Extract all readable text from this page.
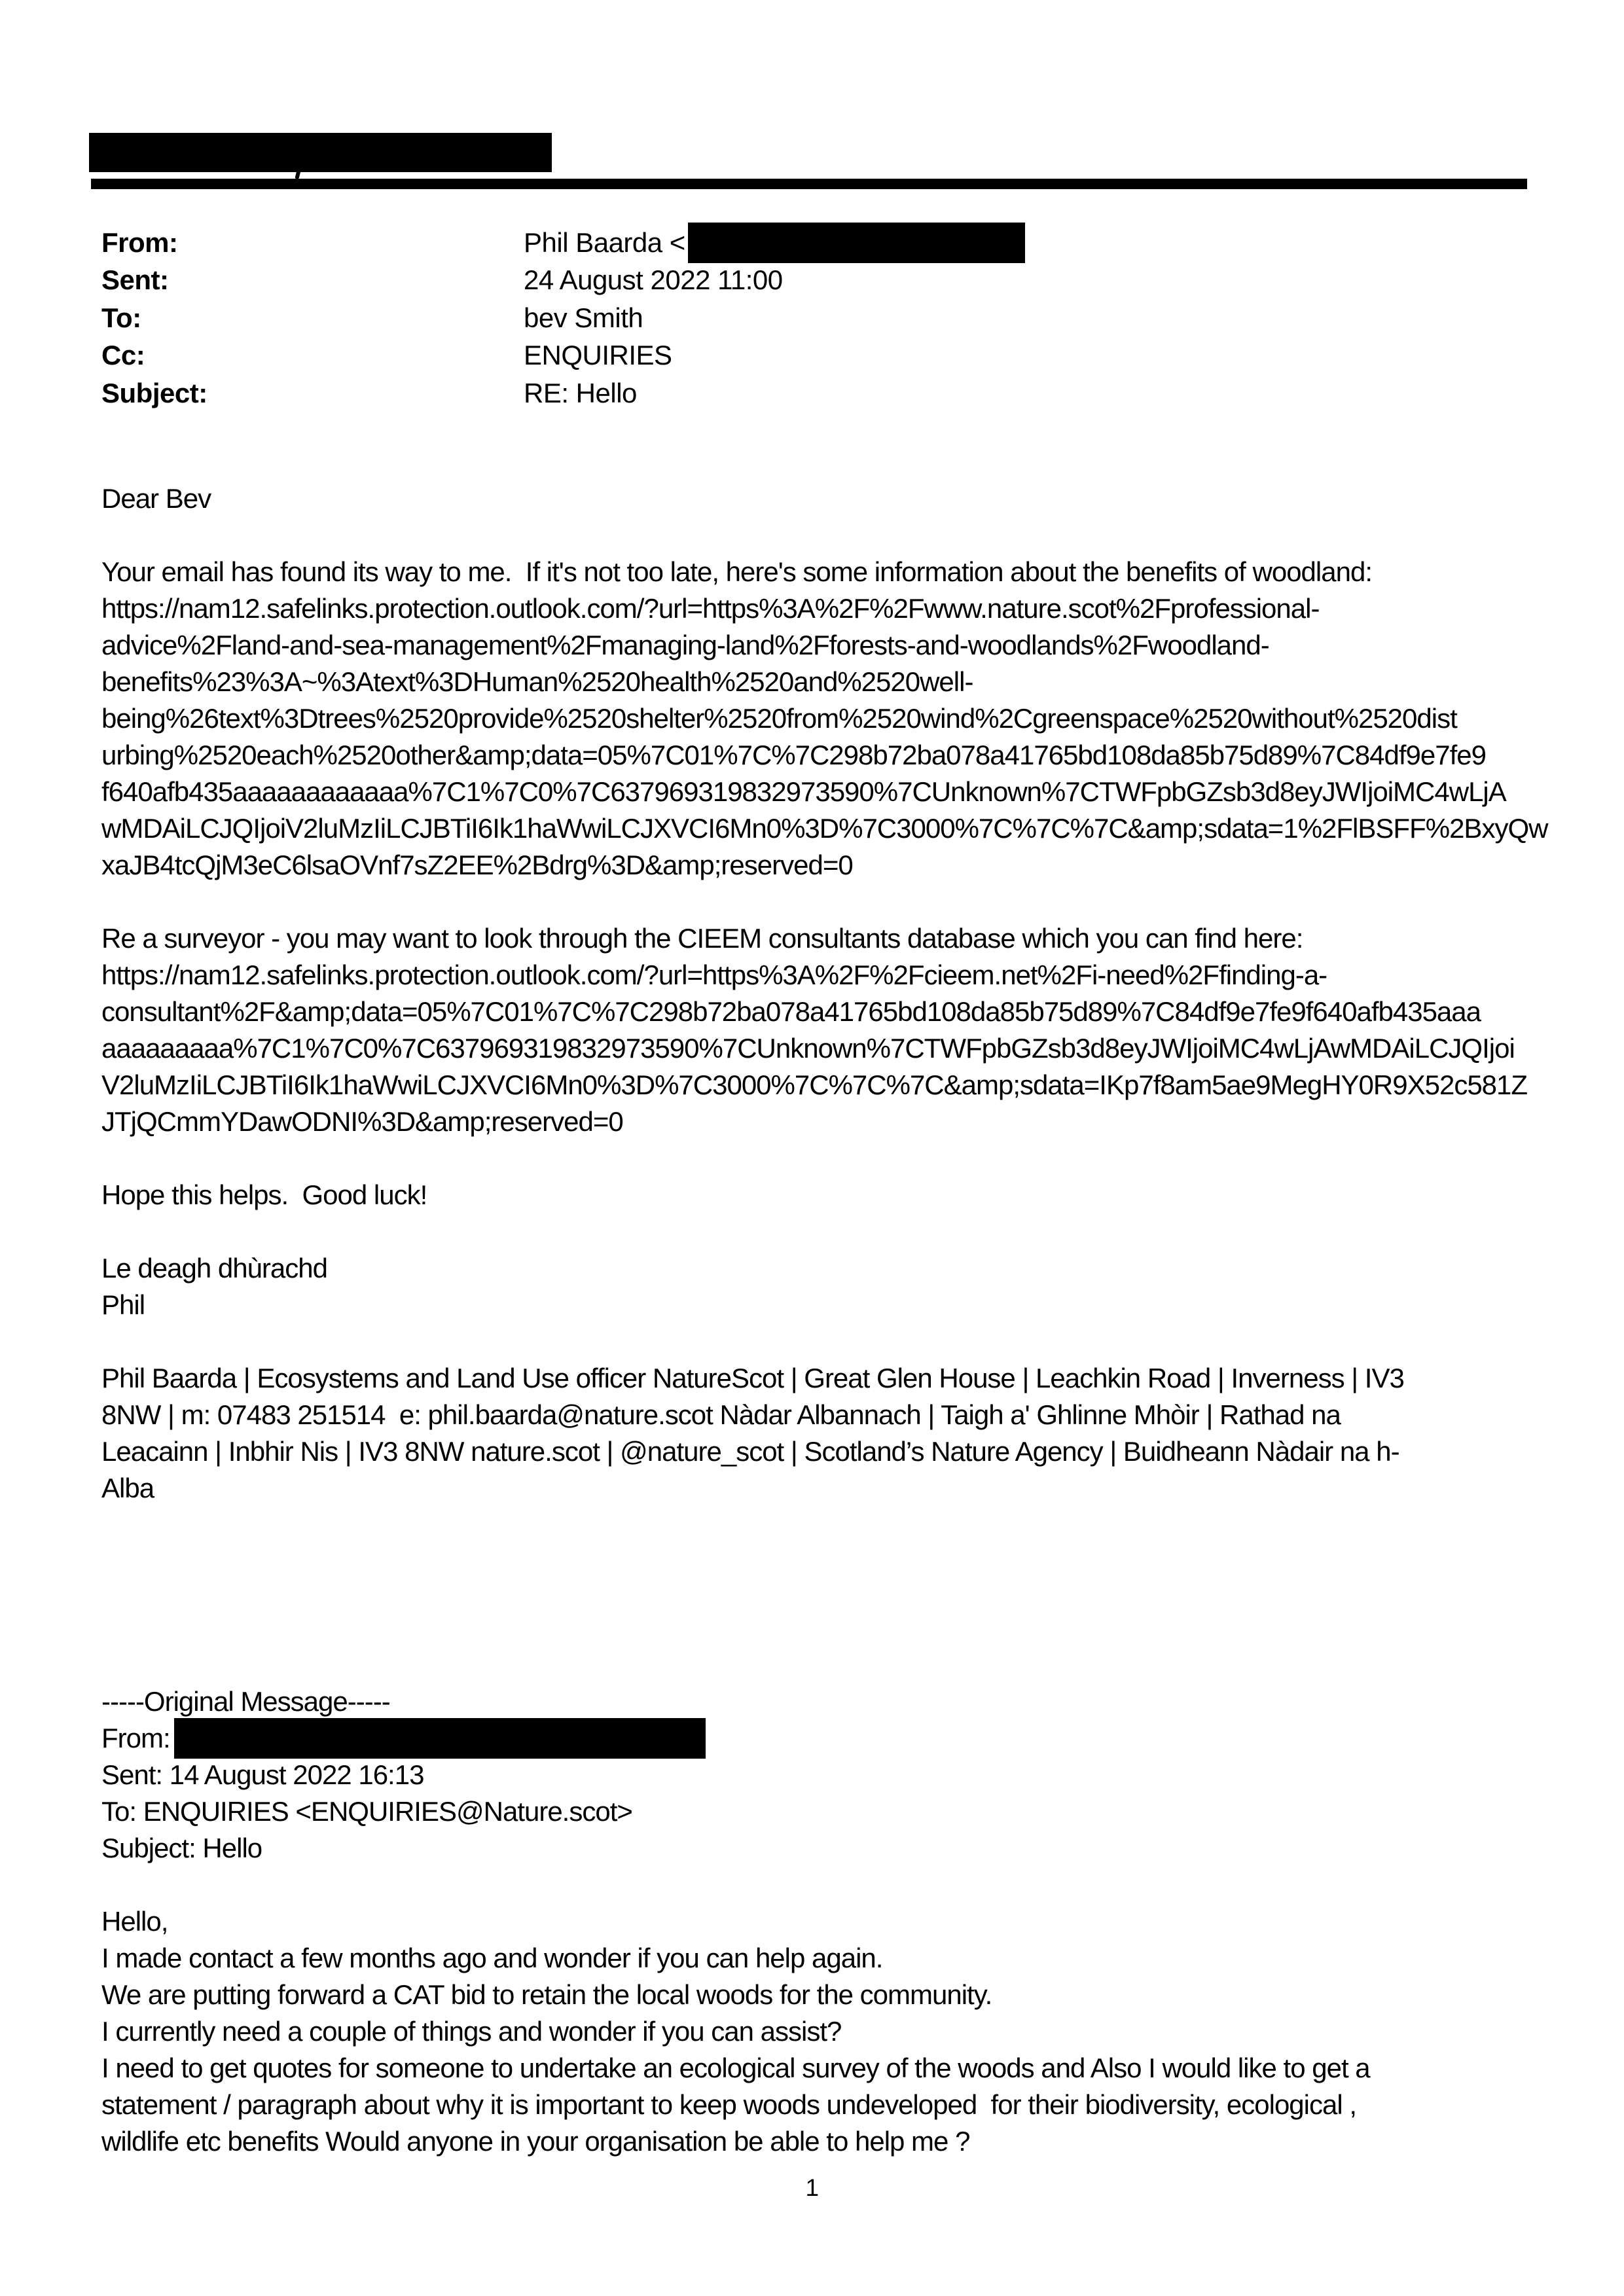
From:	Phil Baarda <
Sent:	24 August 2022 11:00
To:	bev Smith
Cc:	ENQUIRIES
Subject:	RE: Hello
Dear Bev
Your email has found its way to me.  If it's not too late, here's some information about the benefits of woodland:
https://nam12.safelinks.protection.outlook.com/?url=https%3A%2F%2Fwww.nature.scot%2Fprofessional-
advice%2Fland-and-sea-management%2Fmanaging-land%2Fforests-and-woodlands%2Fwoodland-
benefits%23%3A~%3Atext%3DHuman%2520health%2520and%2520well-
being%26text%3Dtrees%2520provide%2520shelter%2520from%2520wind%2Cgreenspace%2520without%2520dist
urbing%2520each%2520other&amp;data=05%7C01%7C%7C298b72ba078a41765bd108da85b75d89%7C84df9e7fe9
f640afb435aaaaaaaaaaaa%7C1%7C0%7C637969319832973590%7CUnknown%7CTWFpbGZsb3d8eyJWIjoiMC4wLjA
wMDAiLCJQIjoiV2luMzIiLCJBTiI6Ik1haWwiLCJXVCI6Mn0%3D%7C3000%7C%7C%7C&amp;sdata=1%2FlBSFF%2BxyQw
xaJB4tcQjM3eC6lsaOVnf7sZ2EE%2Bdrg%3D&amp;reserved=0
Re a surveyor - you may want to look through the CIEEM consultants database which you can find here:
https://nam12.safelinks.protection.outlook.com/?url=https%3A%2F%2Fcieem.net%2Fi-need%2Ffinding-a-
consultant%2F&amp;data=05%7C01%7C%7C298b72ba078a41765bd108da85b75d89%7C84df9e7fe9f640afb435aaa
aaaaaaaaa%7C1%7C0%7C637969319832973590%7CUnknown%7CTWFpbGZsb3d8eyJWIjoiMC4wLjAwMDAiLCJQIjoi
V2luMzIiLCJBTiI6Ik1haWwiLCJXVCI6Mn0%3D%7C3000%7C%7C%7C&amp;sdata=IKp7f8am5ae9MegHY0R9X52c581Z
JTjQCmmYDawODNI%3D&amp;reserved=0
Hope this helps.  Good luck!
Le deagh dhùrachd
Phil
Phil Baarda | Ecosystems and Land Use officer NatureScot | Great Glen House | Leachkin Road | Inverness | IV3
8NW | m: 07483 251514  e: phil.baarda@nature.scot Nàdar Albannach | Taigh a' Ghlinne Mhòir | Rathad na
Leacainn | Inbhir Nis | IV3 8NW nature.scot | @nature_scot | Scotland’s Nature Agency | Buidheann Nàdair na h-
Alba
-----Original Message-----
From:
Sent: 14 August 2022 16:13
To: ENQUIRIES <ENQUIRIES@Nature.scot>
Subject: Hello
Hello,
I made contact a few months ago and wonder if you can help again.
We are putting forward a CAT bid to retain the local woods for the community.
I currently need a couple of things and wonder if you can assist?
I need to get quotes for someone to undertake an ecological survey of the woods and Also I would like to get a
statement / paragraph about why it is important to keep woods undeveloped  for their biodiversity, ecological ,
wildlife etc benefits Would anyone in your organisation be able to help me ?
1
